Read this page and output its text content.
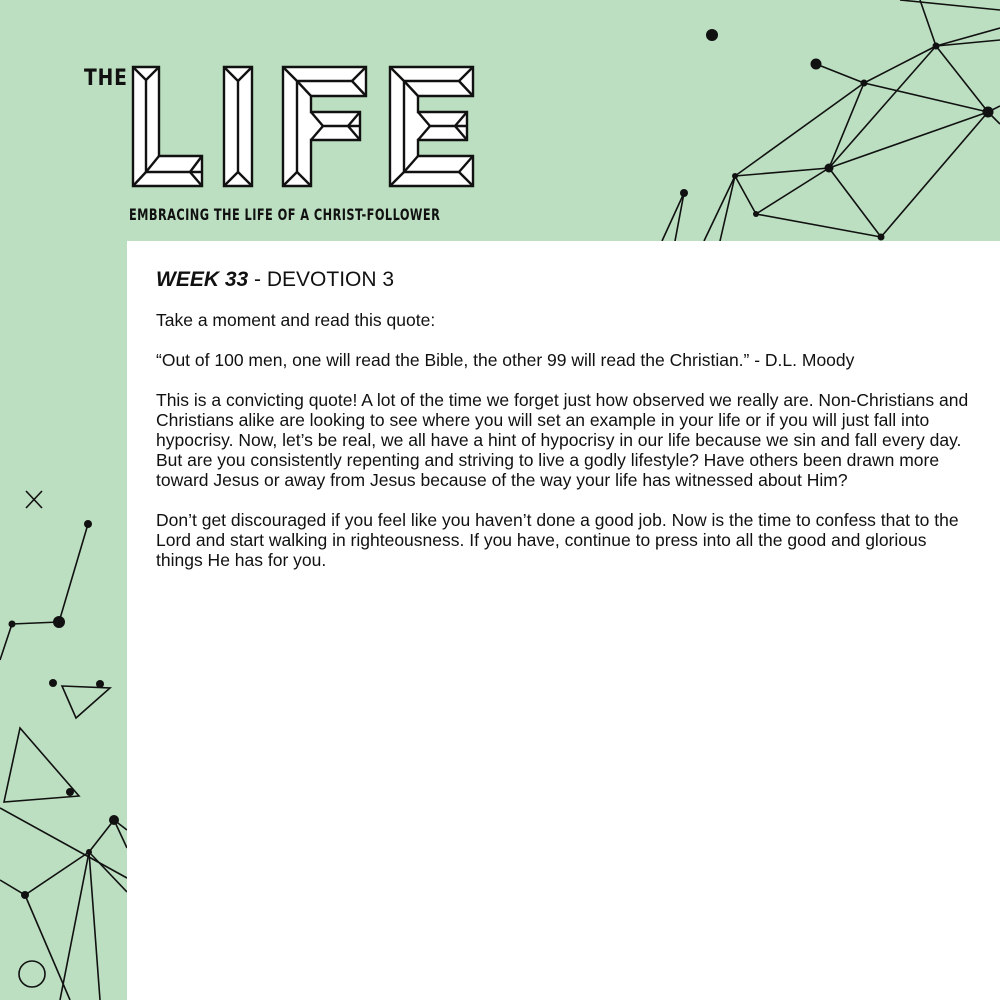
THE
EMBRACING THE LIFE OF A CHRIST-FOLLOWER
WEEK 33 - DEVOTION 3

Take a moment and read this quote:

“Out of 100 men, one will read the Bible, the other 99 will read the Christian.” - D.L. Moody

This is a convicting quote! A lot of the time we forget just how observed we really are. Non-Christians and Christians alike are looking to see where you will set an example in your life or if you will just fall into hypocrisy. Now, let’s be real, we all have a hint of hypocrisy in our life because we sin and fall every day. But are you consistently repenting and striving to live a godly lifestyle? Have others been drawn more toward Jesus or away from Jesus because of the way your life has witnessed about Him?

Don’t get discouraged if you feel like you haven’t done a good job. Now is the time to confess that to the Lord and start walking in righteousness. If you have, continue to press into all the good and glorious things He has for you.
